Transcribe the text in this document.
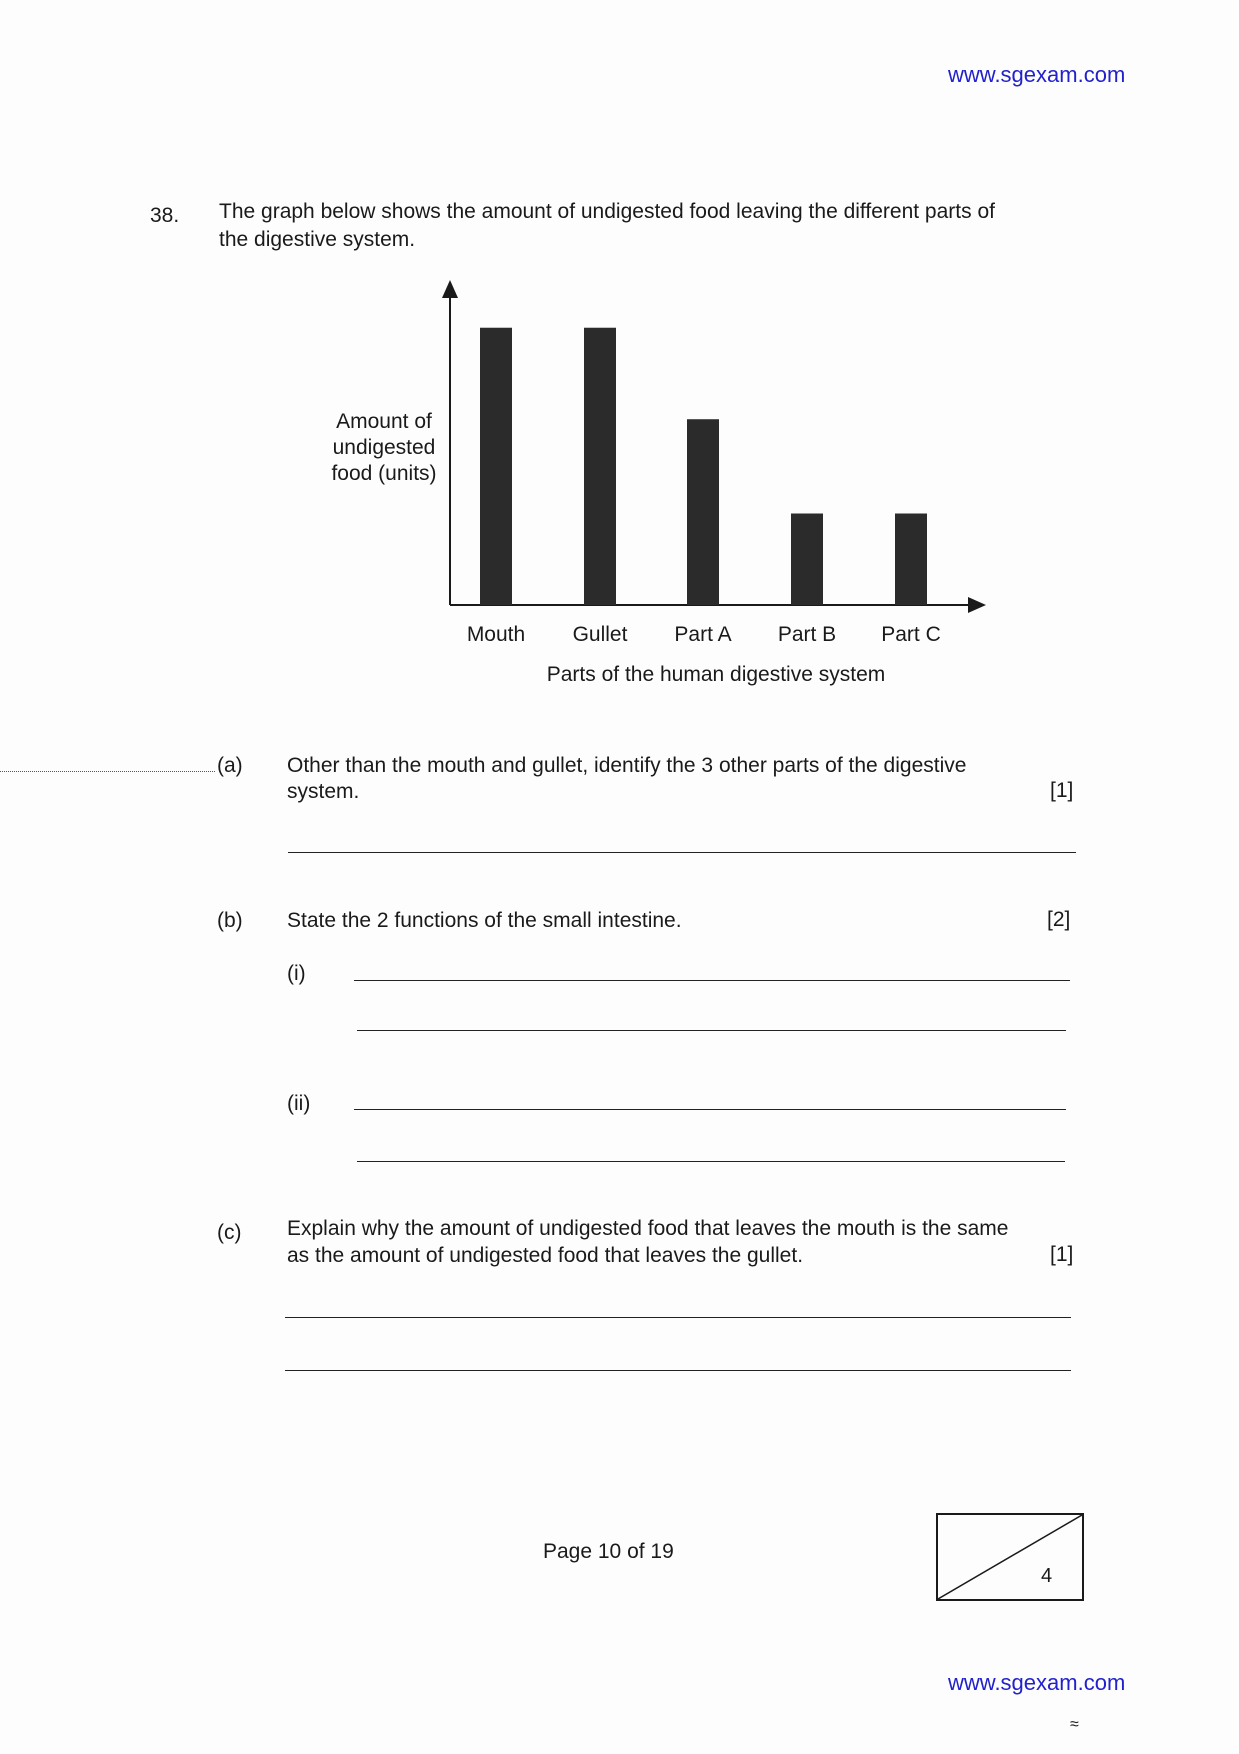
www.sgexam.com
38. The graph below shows the amount of undigested food leaving the different parts of
the digestive system.
Mouth Gullet Part A Part B Part C
Amount of
undigested
food (units)
Parts of the human digestive system
(a) Other than the mouth and gullet, identify the 3 other parts of the digestive
system.	[1]
(b) State the 2 functions of the small intestine.	[2]
(i)
(ii)
(c) Explain why the amount of undigested food that leaves the mouth is the same
as the amount of undigested food that leaves the gullet.	[1]
Page 10 of 19
4
www.sgexam.com
≈
